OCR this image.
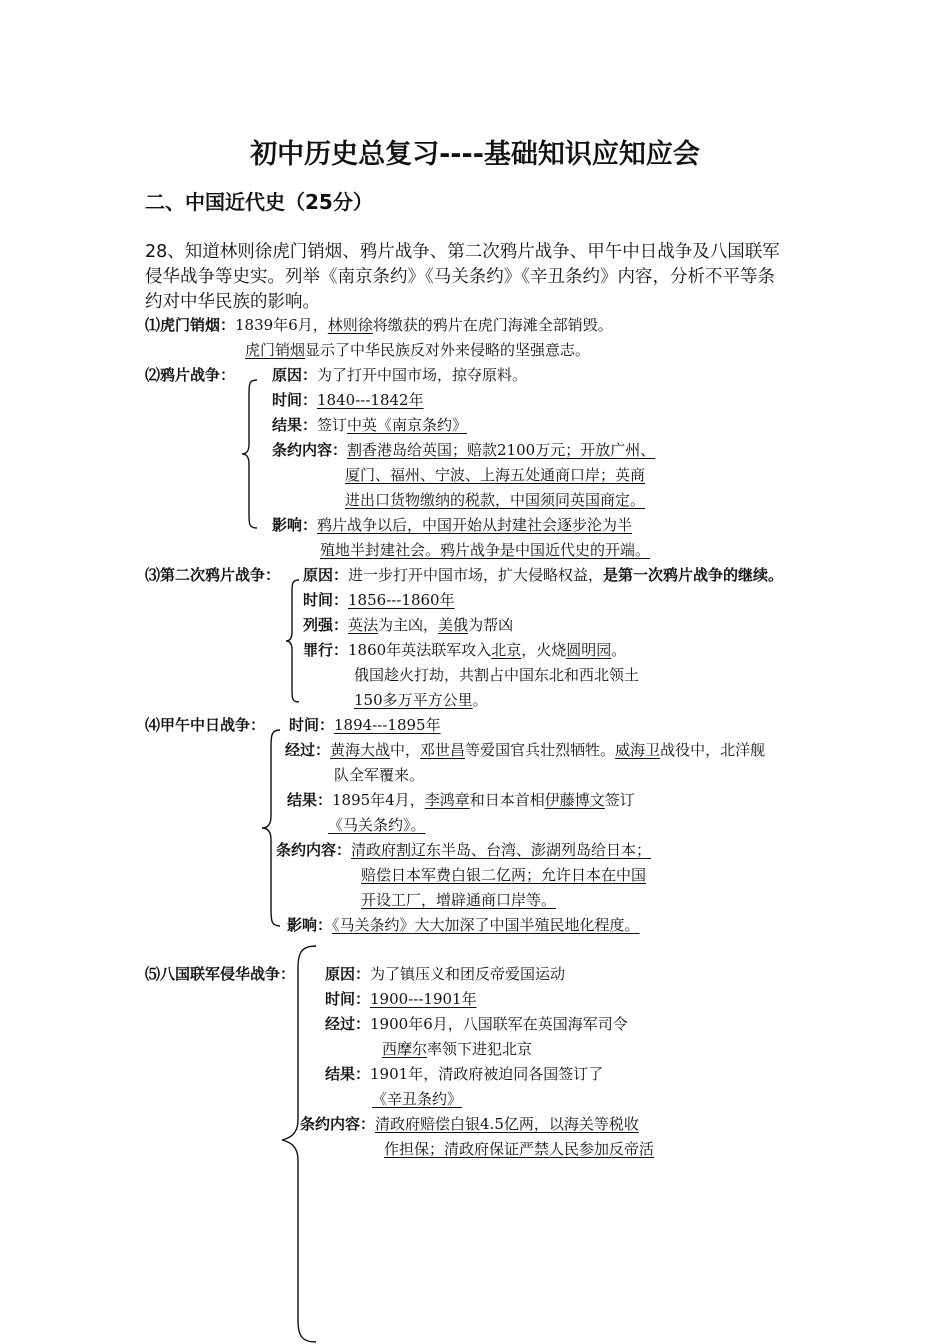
初中历史总复习----基础知识应知应会
二、中国近代史（25分）
28、知道林则徐虎门销烟、鸦片战争、第二次鸦片战争、甲午中日战争及八国联军
侵华战争等史实。列举《南京条约》《马关条约》《辛丑条约》内容，分析不平等条
约对中华民族的影响。
⑴虎门销烟：1839年6月，林则徐将缴获的鸦片在虎门海滩全部销毁。
虎门销烟显示了中华民族反对外来侵略的坚强意志。
⑵鸦片战争： 原因：为了打开中国市场，掠夺原料。
时间：1840---1842年
结果：签订中英《南京条约》
条约内容：割香港岛给英国；赔款2100万元；开放广州、
厦门、福州、宁波、上海五处通商口岸；英商
进出口货物缴纳的税款，中国须同英国商定。
影响：鸦片战争以后，中国开始从封建社会逐步沦为半
殖地半封建社会。鸦片战争是中国近代史的开端。
⑶第二次鸦片战争： 原因：进一步打开中国市场，扩大侵略权益，是第一次鸦片战争的继续。
时间：1856---1860年
列强：英法为主凶，美俄为帮凶
罪行：1860年英法联军攻入北京，火烧圆明园。
俄国趁火打劫，共割占中国东北和西北领土
150多万平方公里。
⑷甲午中日战争： 时间：1894---1895年
经过：黄海大战中，邓世昌等爱国官兵壮烈牺牲。威海卫战役中，北洋舰
队全军覆来。
结果：1895年4月，李鸿章和日本首相伊藤博文签订
《马关条约》。
条约内容：清政府割辽东半岛、台湾、澎湖列岛给日本；
赔偿日本军费白银二亿两；允许日本在中国
开设工厂，增辟通商口岸等。
影响：《马关条约》大大加深了中国半殖民地化程度。
⑸八国联军侵华战争： 原因：为了镇压义和团反帝爱国运动
时间：1900---1901年
经过：1900年6月，八国联军在英国海军司令
西摩尔率领下进犯北京
结果：1901年，清政府被迫同各国签订了
《辛丑条约》
条约内容：清政府赔偿白银4.5亿两，以海关等税收
作担保；清政府保证严禁人民参加反帝活
